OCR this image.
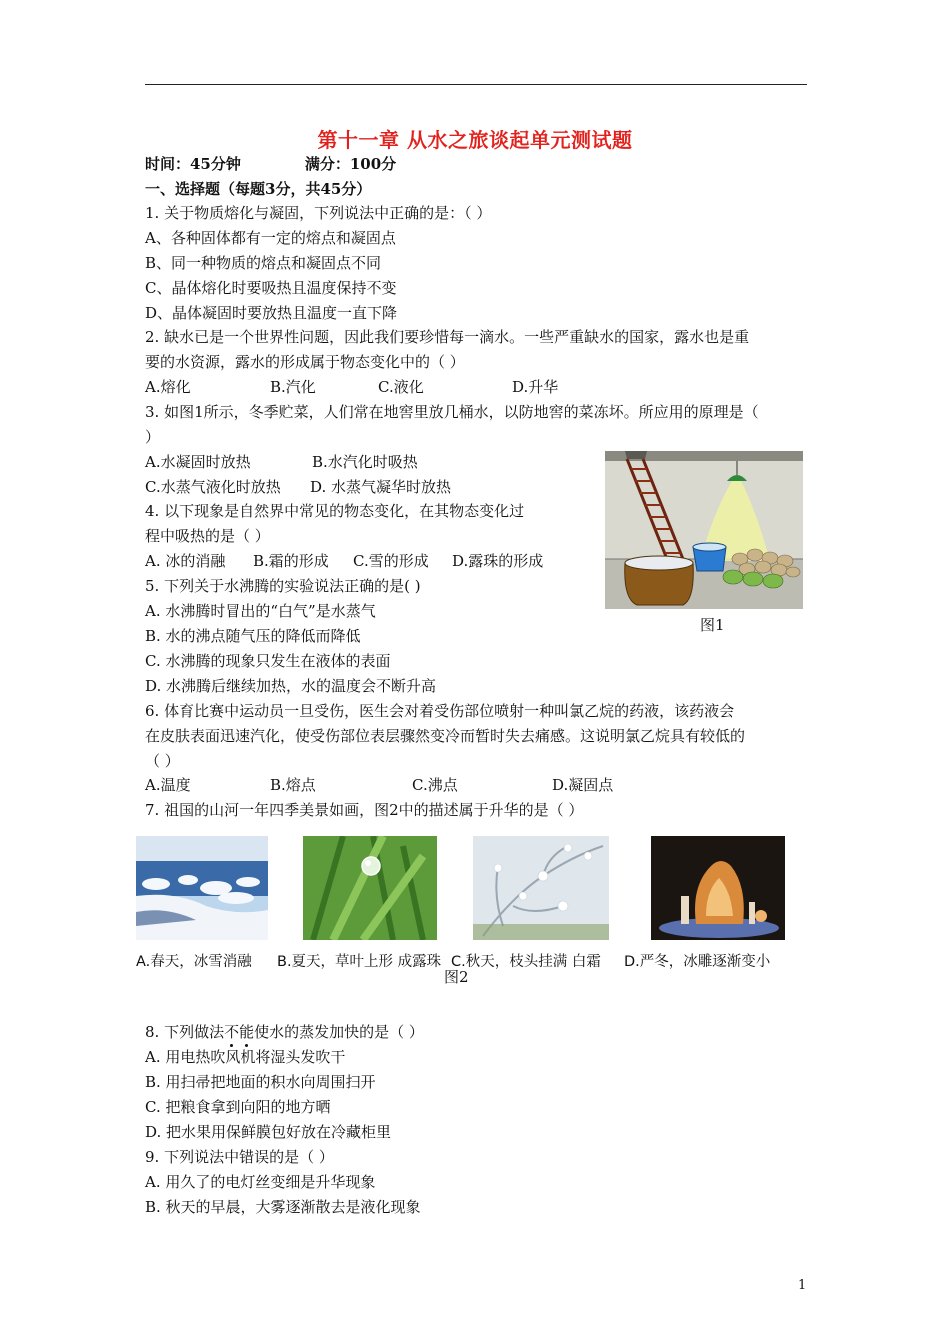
第十一章 从水之旅谈起单元测试题
时间：45分钟	满分：100分
一、选择题（每题3分，共45分）
1. 关于物质熔化与凝固，下列说法中正确的是：（ ）
A、各种固体都有一定的熔点和凝固点
B、同一种物质的熔点和凝固点不同
C、晶体熔化时要吸热且温度保持不变
D、晶体凝固时要放热且温度一直下降
2. 缺水已是一个世界性问题，因此我们要珍惜每一滴水。一些严重缺水的国家，露水也是重
要的水资源，露水的形成属于物态变化中的（ ）
A.熔化	B.汽化	C.液化	D.升华
3. 如图1所示，冬季贮菜，人们常在地窖里放几桶水，以防地窖的菜冻坏。所应用的原理是（
）
A.水凝固时放热	B.水汽化时吸热
C.水蒸气液化时放热 D. 水蒸气凝华时放热
4. 以下现象是自然界中常见的物态变化，在其物态变化过
程中吸热的是（ ）
A. 冰的消融 B.霜的形成 C.雪的形成 D.露珠的形成
5. 下列关于水沸腾的实验说法正确的是( )
A. 水沸腾时冒出的“白气”是水蒸气
B. 水的沸点随气压的降低而降低
C. 水沸腾的现象只发生在液体的表面
D. 水沸腾后继续加热，水的温度会不断升高
图1
6. 体育比赛中运动员一旦受伤，医生会对着受伤部位喷射一种叫氯乙烷的药液，该药液会
在皮肤表面迅速汽化，使受伤部位表层骤然变冷而暂时失去痛感。这说明氯乙烷具有较低的
（ ）
A.温度	B.熔点	C.沸点	D.凝固点
7. 祖国的山河一年四季美景如画，图2中的描述属于升华的是（ ）
A.春天，冰雪消融 B.夏天，草叶上形 成露珠 C.秋天，枝头挂满 白霜 D.严冬，冰雕逐渐变小
图2
8. 下列做法不能使水的蒸发加快的是（ ）
A. 用电热吹风机将湿头发吹干
B. 用扫帚把地面的积水向周围扫开
C. 把粮食拿到向阳的地方晒
D. 把水果用保鲜膜包好放在冷藏柜里
9. 下列说法中错误的是（ ）
A. 用久了的电灯丝变细是升华现象
B. 秋天的早晨，大雾逐渐散去是液化现象
1
